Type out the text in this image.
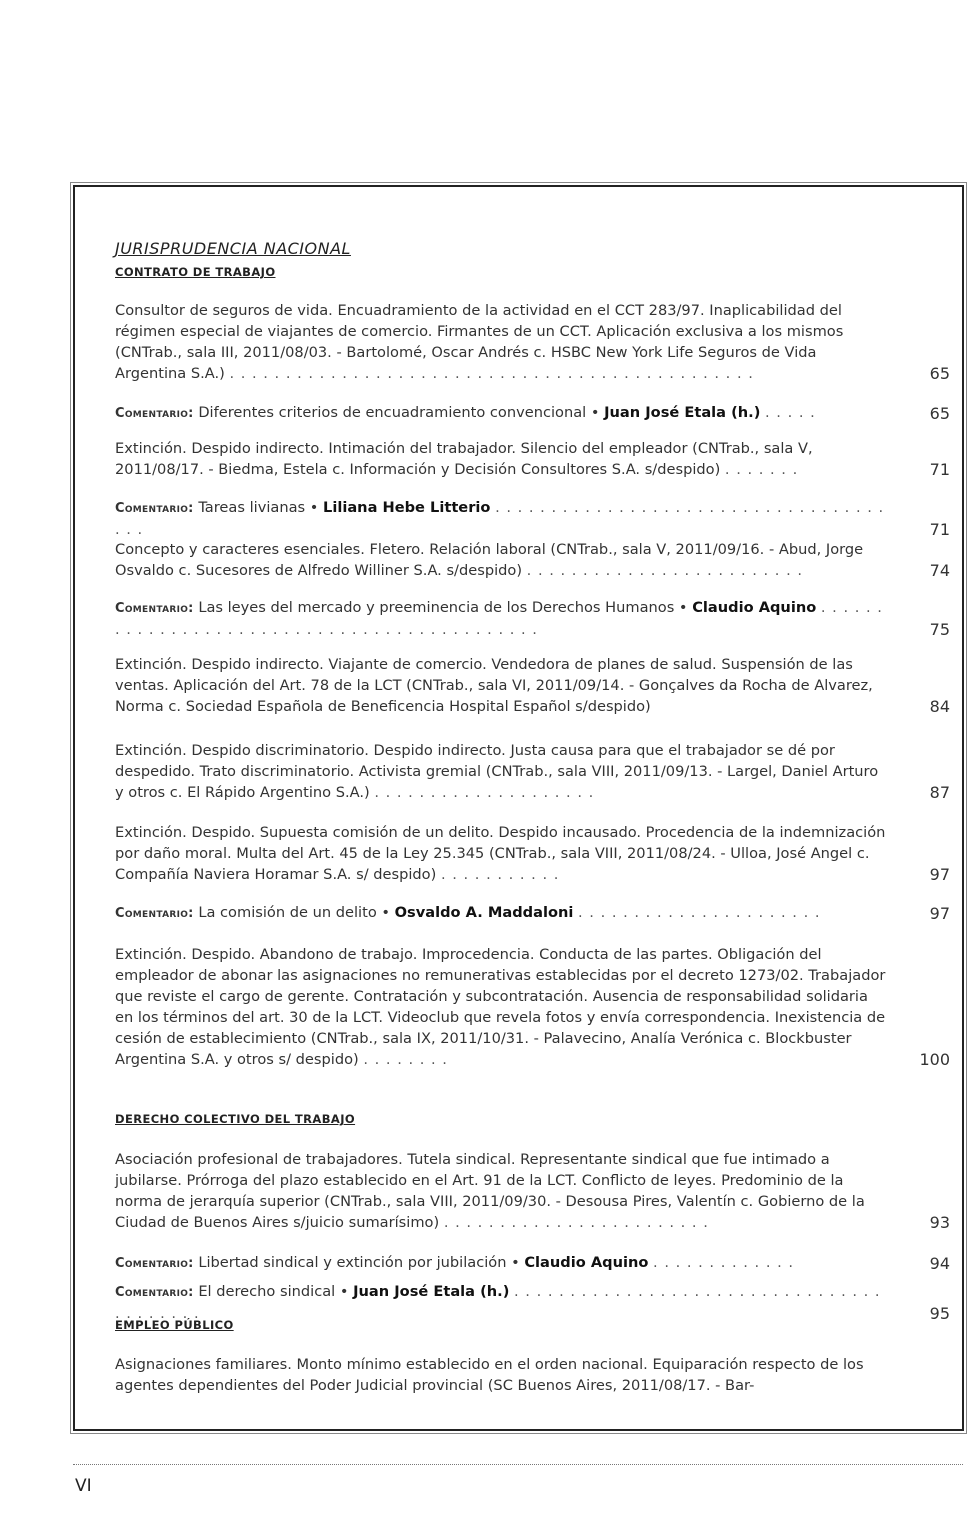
JURISPRUDENCIA NACIONAL
CONTRATO DE TRABAJO
Consultor de seguros de vida. Encuadramiento de la actividad en el CCT 283/97. Inaplicabilidad del régimen especial de viajantes de comercio. Firmantes de un CCT. Aplicación exclusiva a los mismos (CNTrab., sala III, 2011/08/03. - Bartolomé, Oscar Andrés c. HSBC New York Life Seguros de Vida Argentina S.A.) . . . . . . . . . . . . . . . . . . . . . . . . . . . . . . . . . . . . . . . . . . . . . . .	65
Comentario: Diferentes criterios de encuadramiento convencional • Juan José Etala (h.) . . . . .	65
Extinción. Despido indirecto. Intimación del trabajador. Silencio del empleador (CNTrab., sala V, 2011/08/17. - Biedma, Estela c. Información y Decisión Consultores S.A. s/despido) . . . . . . .	71
Comentario: Tareas livianas • Liliana Hebe Litterio . . . . . . . . . . . . . . . . . . . . . . . . . . . . . . . . . . . . . .	71
Concepto y caracteres esenciales. Fletero. Relación laboral (CNTrab., sala V, 2011/09/16. - Abud, Jorge Osvaldo c. Sucesores de Alfredo Williner S.A. s/despido) . . . . . . . . . . . . . . . . . . . . . . . . .	74
Comentario: Las leyes del mercado y preeminencia de los Derechos Humanos • Claudio Aquino . . . . . . . . . . . . . . . . . . . . . . . . . . . . . . . . . . . . . . . . . . . .	75
Extinción. Despido indirecto. Viajante de comercio. Vendedora de planes de salud. Suspensión de las ventas. Aplicación del Art. 78 de la LCT (CNTrab., sala VI, 2011/09/14. - Gonçalves da Rocha de Alvarez, Norma c. Sociedad Española de Beneficencia Hospital Español s/despido)	84
Extinción. Despido discriminatorio. Despido indirecto. Justa causa para que el trabajador se dé por despedido. Trato discriminatorio. Activista gremial (CNTrab., sala VIII, 2011/09/13. - Largel, Daniel Arturo y otros c. El Rápido Argentino S.A.) . . . . . . . . . . . . . . . . . . . .	87
Extinción. Despido. Supuesta comisión de un delito. Despido incausado. Procedencia de la indemnización por daño moral. Multa del Art. 45 de la Ley 25.345 (CNTrab., sala VIII, 2011/08/24. - Ulloa, José Angel c. Compañía Naviera Horamar S.A. s/ despido) . . . . . . . . . . .	97
Comentario: La comisión de un delito • Osvaldo A. Maddaloni . . . . . . . . . . . . . . . . . . . . . .	97
Extinción. Despido. Abandono de trabajo. Improcedencia. Conducta de las partes. Obligación del empleador de abonar las asignaciones no remunerativas establecidas por el decreto 1273/02. Trabajador que reviste el cargo de gerente. Contratación y subcontratación. Ausencia de responsabilidad solidaria en los términos del art. 30 de la LCT. Videoclub que revela fotos y envía correspondencia. Inexistencia de cesión de establecimiento (CNTrab., sala IX, 2011/10/31. - Palavecino, Analía Verónica c. Blockbuster Argentina S.A. y otros s/ despido) . . . . . . . .	100
DERECHO COLECTIVO DEL TRABAJO
Asociación profesional de trabajadores. Tutela sindical. Representante sindical que fue intimado a jubilarse. Prórroga del plazo establecido en el Art. 91 de la LCT. Conflicto de leyes. Predominio de la norma de jerarquía superior (CNTrab., sala VIII, 2011/09/30. - Desousa Pires, Valentín c. Gobierno de la Ciudad de Buenos Aires s/juicio sumarísimo) . . . . . . . . . . . . . . . . . . . . . . . .	93
Comentario: Libertad sindical y extinción por jubilación • Claudio Aquino . . . . . . . . . . . . .	94
Comentario: El derecho sindical • Juan José Etala (h.) . . . . . . . . . . . . . . . . . . . . . . . . . . . . . . . . . . . . . . . . .	95
EMPLEO PÚBLICO
Asignaciones familiares. Monto mínimo establecido en el orden nacional. Equiparación respecto de los agentes dependientes del Poder Judicial provincial (SC Buenos Aires, 2011/08/17. - Bar-
VI
